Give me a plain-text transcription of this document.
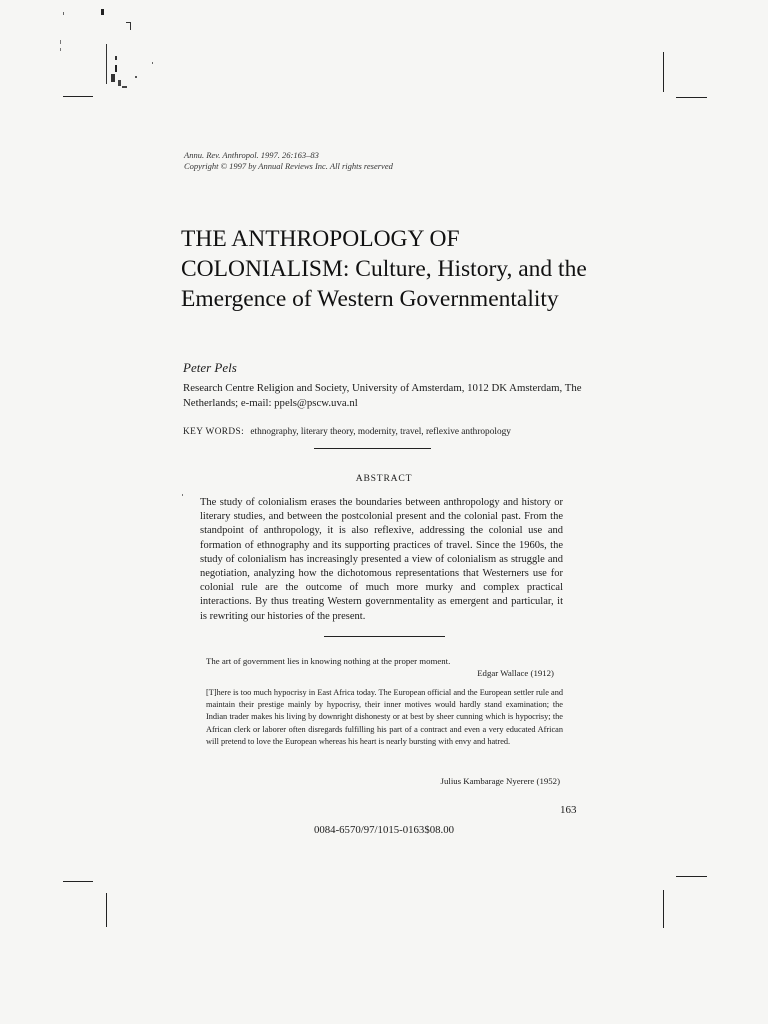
Annu. Rev. Anthropol. 1997. 26:163–83
Copyright © 1997 by Annual Reviews Inc. All rights reserved
THE ANTHROPOLOGY OF COLONIALISM: Culture, History, and the Emergence of Western Governmentality
Peter Pels
Research Centre Religion and Society, University of Amsterdam, 1012 DK Amsterdam, The Netherlands; e-mail: ppels@pscw.uva.nl
KEY WORDS: ethnography, literary theory, modernity, travel, reflexive anthropology
ABSTRACT
The study of colonialism erases the boundaries between anthropology and history or literary studies, and between the postcolonial present and the colonial past. From the standpoint of anthropology, it is also reflexive, addressing the colonial use and formation of ethnography and its supporting practices of travel. Since the 1960s, the study of colonialism has increasingly presented a view of colonialism as struggle and negotiation, analyzing how the dichotomous representations that Westerners use for colonial rule are the outcome of much more murky and complex practical interactions. By thus treating Western governmentality as emergent and particular, it is rewriting our histories of the present.
The art of government lies in knowing nothing at the proper moment.
Edgar Wallace (1912)
[T]here is too much hypocrisy in East Africa today. The European official and the European settler rule and maintain their prestige mainly by hypocrisy, their inner motives would hardly stand examination; the Indian trader makes his living by downright dishonesty or at best by sheer cunning which is hypocrisy; the African clerk or laborer often disregards fulfilling his part of a contract and even a very educated African will pretend to love the European whereas his heart is nearly bursting with envy and hatred.
Julius Kambarage Nyerere (1952)
163
0084-6570/97/1015-0163$08.00
